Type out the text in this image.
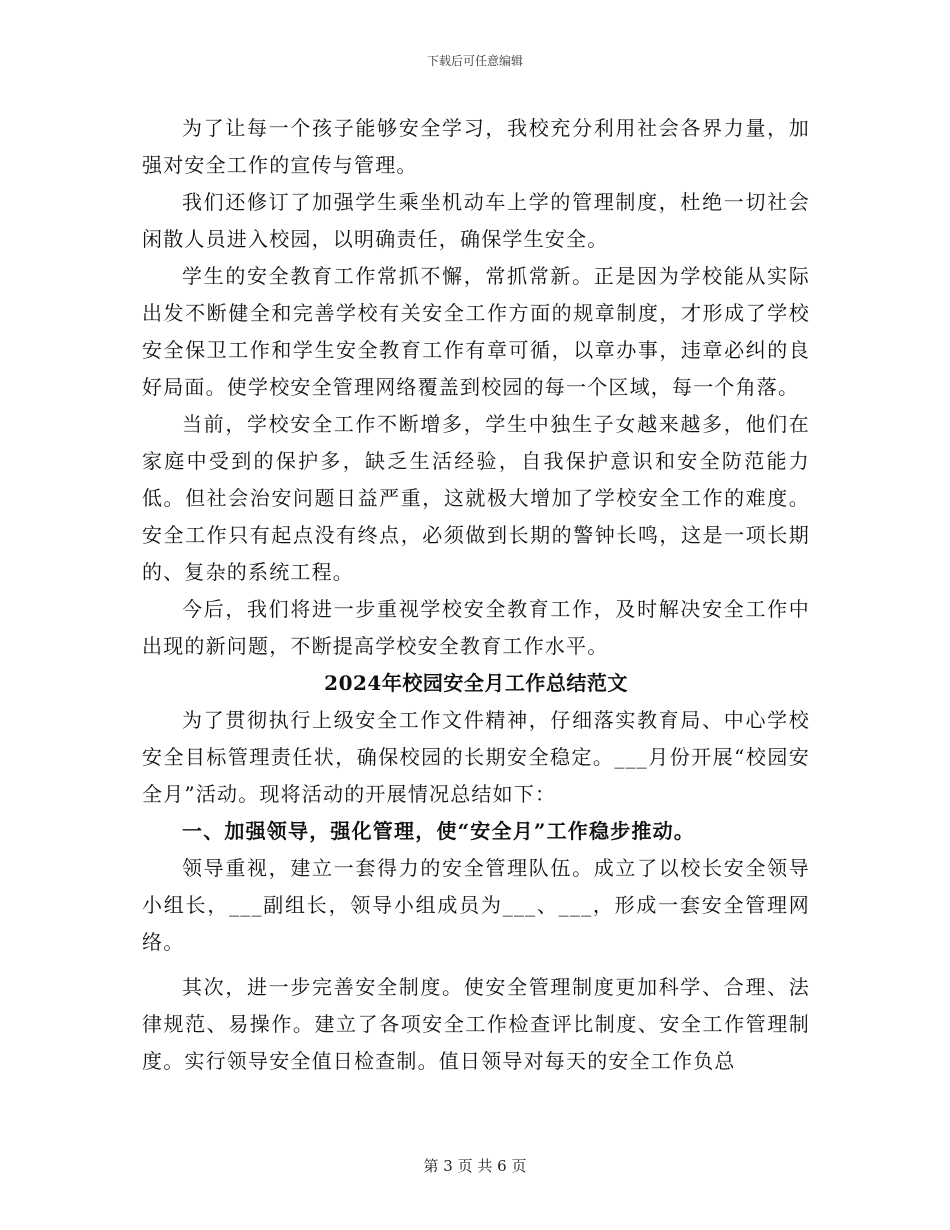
下载后可任意编辑

为了让每一个孩子能够安全学习，我校充分利用社会各界力量，加强对安全工作的宣传与管理。

我们还修订了加强学生乘坐机动车上学的管理制度，杜绝一切社会闲散人员进入校园，以明确责任，确保学生安全。

学生的安全教育工作常抓不懈，常抓常新。正是因为学校能从实际出发不断健全和完善学校有关安全工作方面的规章制度，才形成了学校安全保卫工作和学生安全教育工作有章可循，以章办事，违章必纠的良好局面。使学校安全管理网络覆盖到校园的每一个区域，每一个角落。

当前，学校安全工作不断增多，学生中独生子女越来越多，他们在家庭中受到的保护多，缺乏生活经验，自我保护意识和安全防范能力低。但社会治安问题日益严重，这就极大增加了学校安全工作的难度。安全工作只有起点没有终点，必须做到长期的警钟长鸣，这是一项长期的、复杂的系统工程。

今后，我们将进一步重视学校安全教育工作，及时解决安全工作中出现的新问题，不断提高学校安全教育工作水平。

2024年校园安全月工作总结范文

为了贯彻执行上级安全工作文件精神，仔细落实教育局、中心学校安全目标管理责任状，确保校园的长期安全稳定。___月份开展“校园安全月”活动。现将活动的开展情况总结如下：

一、加强领导，强化管理，使“安全月”工作稳步推动。

领导重视，建立一套得力的安全管理队伍。成立了以校长安全领导小组长，___副组长，领导小组成员为___、___，形成一套安全管理网络。

其次，进一步完善安全制度。使安全管理制度更加科学、合理、法律规范、易操作。建立了各项安全工作检查评比制度、安全工作管理制度。实行领导安全值日检查制。值日领导对每天的安全工作负总

第 3 页 共 6 页
